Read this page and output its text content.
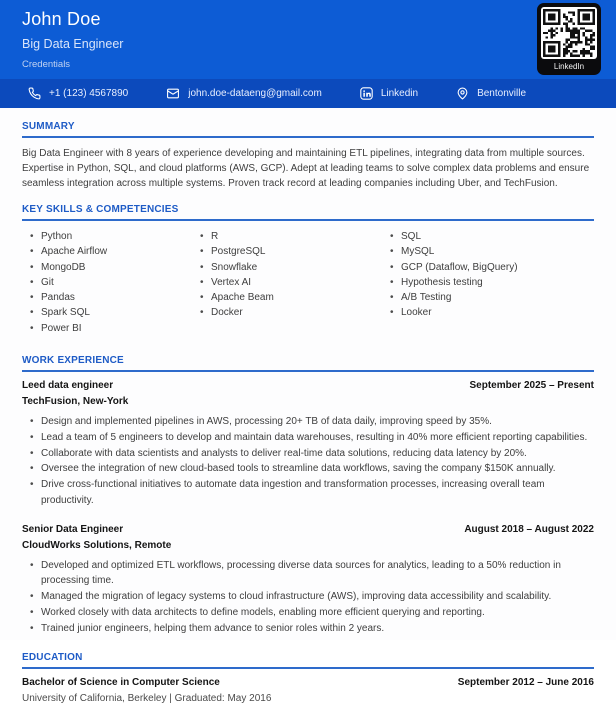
John Doe
Big Data Engineer
Credentials	LinkedIn
+1 (123) 4567890	john.doe-dataeng@gmail.com	Linkedin	Bentonville
SUMMARY

Big Data Engineer with 8 years of experience developing and maintaining ETL pipelines, integrating data from multiple sources. Expertise in Python, SQL, and cloud platforms (AWS, GCP). Adept at leading teams to solve complex data problems and ensure seamless integration across multiple systems. Proven track record at leading companies including Uber, and TechFusion.

KEY SKILLS & COMPETENCIES
• Python
• Apache Airflow
• MongoDB
• Git
• Pandas
• Spark SQL
• Power BI
• R
• PostgreSQL
• Snowflake
• Vertex AI
• Apache Beam
• Docker
• SQL
• MySQL
• GCP (Dataflow, BigQuery)
• Hypothesis testing
• A/B Testing
• Looker
WORK EXPERIENCE
Leed data engineer	September 2025 – Present
TechFusion, New-York
• Design and implemented pipelines in AWS, processing 20+ TB of data daily, improving speed by 35%.
• Lead a team of 5 engineers to develop and maintain data warehouses, resulting in 40% more efficient reporting capabilities.
• Collaborate with data scientists and analysts to deliver real-time data solutions, reducing data latency by 20%.
• Oversee the integration of new cloud-based tools to streamline data workflows, saving the company $150K annually.
• Drive cross-functional initiatives to automate data ingestion and transformation processes, increasing overall team productivity.
Senior Data Engineer	August 2018 – August 2022
CloudWorks Solutions, Remote
• Developed and optimized ETL workflows, processing diverse data sources for analytics, leading to a 50% reduction in processing time.
• Managed the migration of legacy systems to cloud infrastructure (AWS), improving data accessibility and scalability.
• Worked closely with data architects to define models, enabling more efficient querying and reporting.
• Trained junior engineers, helping them advance to senior roles within 2 years.
EDUCATION
Bachelor of Science in Computer Science	September 2012 – June 2016
University of California, Berkeley | Graduated: May 2016
